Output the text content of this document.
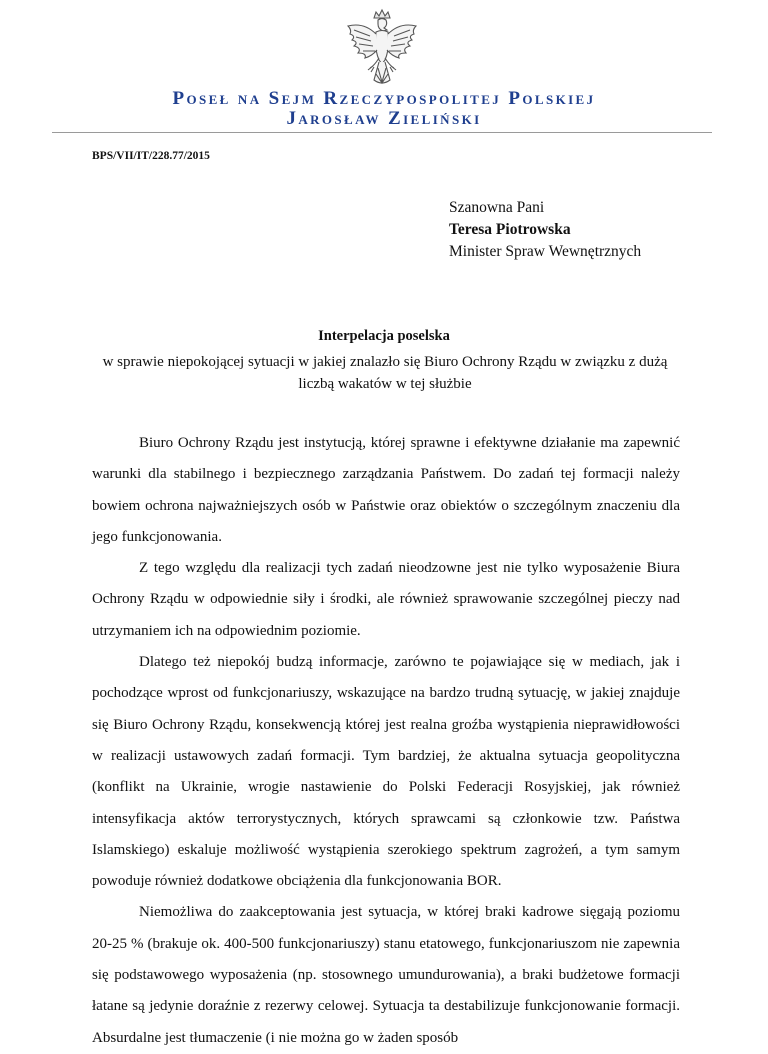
Poseł na Sejm Rzeczypospolitej Polskiej
Jarosław Zieliński
BPS/VII/IT/228.77/2015
Szanowna Pani
Teresa Piotrowska
Minister Spraw Wewnętrznych
Interpelacja poselska
w sprawie niepokojącej sytuacji w jakiej znalazło się Biuro Ochrony Rządu w związku z dużą liczbą wakatów w tej służbie

Biuro Ochrony Rządu jest instytucją, której sprawne i efektywne działanie ma zapewnić warunki dla stabilnego i bezpiecznego zarządzania Państwem. Do zadań tej formacji należy bowiem ochrona najważniejszych osób w Państwie oraz obiektów o szczególnym znaczeniu dla jego funkcjonowania.

Z tego względu dla realizacji tych zadań nieodzowne jest nie tylko wyposażenie Biura Ochrony Rządu w odpowiednie siły i środki, ale również sprawowanie szczególnej pieczy nad utrzymaniem ich na odpowiednim poziomie.

Dlatego też niepokój budzą informacje, zarówno te pojawiające się w mediach, jak i pochodzące wprost od funkcjonariuszy, wskazujące na bardzo trudną sytuację, w jakiej znajduje się Biuro Ochrony Rządu, konsekwencją której jest realna groźba wystąpienia nieprawidłowości w realizacji ustawowych zadań formacji. Tym bardziej, że aktualna sytuacja geopolityczna (konflikt na Ukrainie, wrogie nastawienie do Polski Federacji Rosyjskiej, jak również intensyfikacja aktów terrorystycznych, których sprawcami są członkowie tzw. Państwa Islamskiego) eskaluje możliwość wystąpienia szerokiego spektrum zagrożeń, a tym samym powoduje również dodatkowe obciążenia dla funkcjonowania BOR.

Niemożliwa do zaakceptowania jest sytuacja, w której braki kadrowe sięgają poziomu 20-25 % (brakuje ok. 400-500 funkcjonariuszy) stanu etatowego, funkcjonariuszom nie zapewnia się podstawowego wyposażenia (np. stosownego umundurowania), a braki budżetowe formacji łatane są jedynie doraźnie z rezerwy celowej. Sytuacja ta destabilizuje funkcjonowanie formacji. Absurdalne jest tłumaczenie (i nie można go w żaden sposób
